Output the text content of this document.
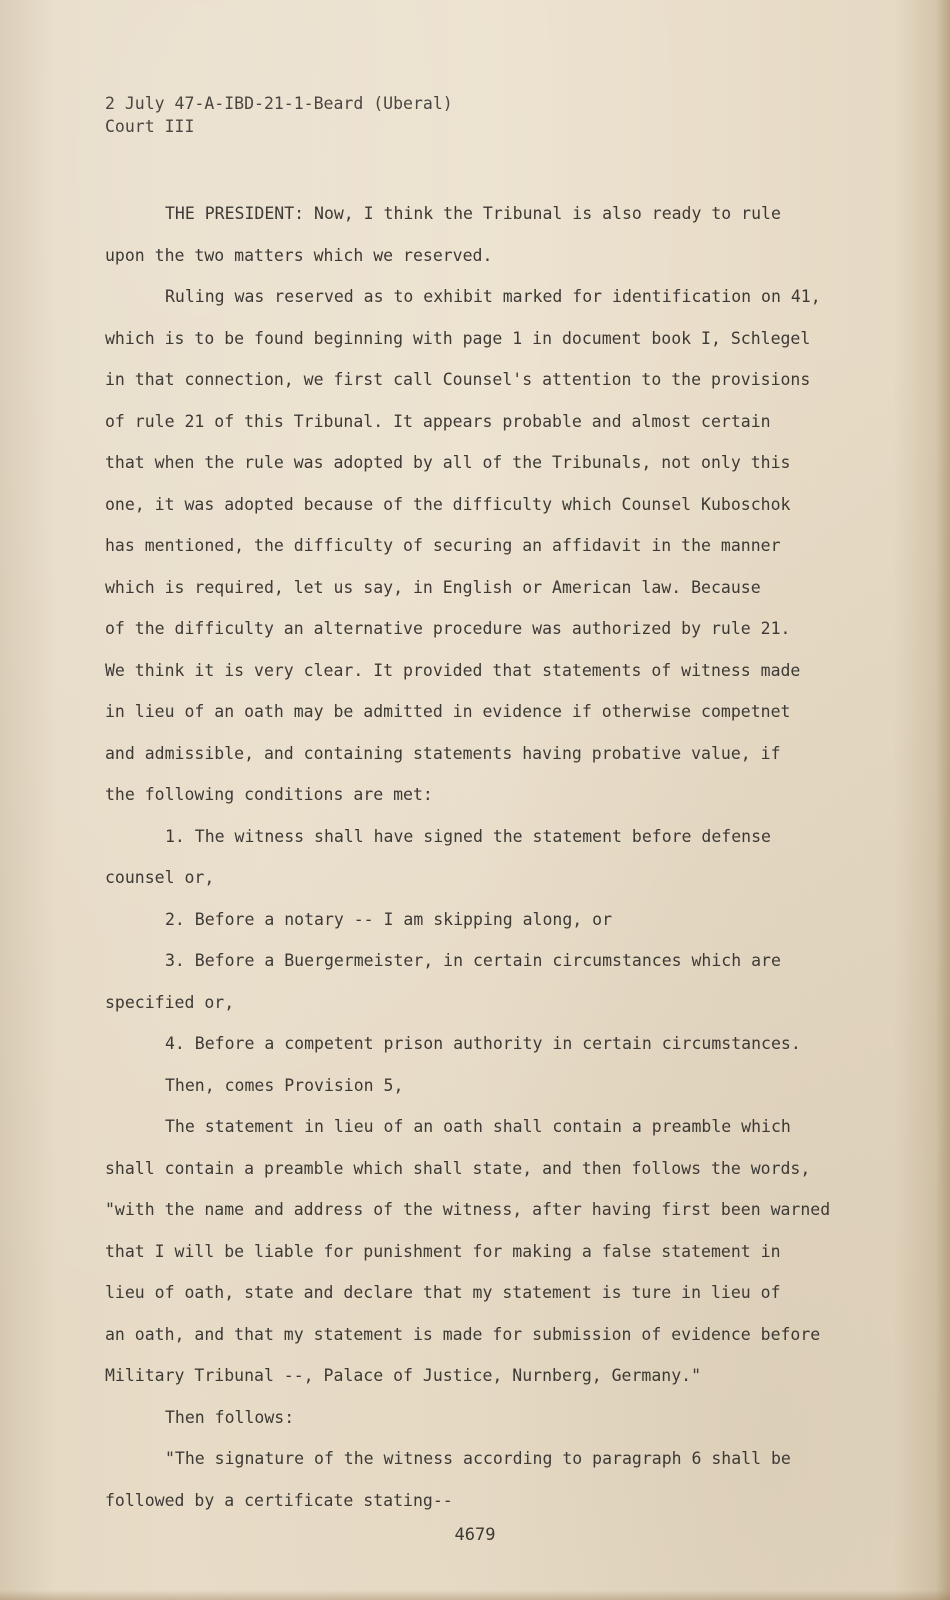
2 July 47-A-IBD-21-1-Beard (Uberal)
Court III

THE PRESIDENT: Now, I think the Tribunal is also ready to rule

upon the two matters which we reserved.

Ruling was reserved as to exhibit marked for identification on 41,

which is to be found beginning with page 1 in document book I, Schlegel

in that connection, we first call Counsel's attention to the provisions

of rule 21 of this Tribunal. It appears probable and almost certain

that when the rule was adopted by all of the Tribunals, not only this

one, it was adopted because of the difficulty which Counsel Kuboschok

has mentioned, the difficulty of securing an affidavit in the manner

which is required, let us say, in English or American law. Because

of the difficulty an alternative procedure was authorized by rule 21.

We think it is very clear. It provided that statements of witness made

in lieu of an oath may be admitted in evidence if otherwise competnet

and admissible, and containing statements having probative value, if

the following conditions are met:

1. The witness shall have signed the statement before defense

counsel or,

2. Before a notary -- I am skipping along, or

3. Before a Buergermeister, in certain circumstances which are

specified or,

4. Before a competent prison authority in certain circumstances.

Then, comes Provision 5,

The statement in lieu of an oath shall contain a preamble which

shall contain a preamble which shall state, and then follows the words,

"with the name and address of the witness, after having first been warned

that I will be liable for punishment for making a false statement in

lieu of oath, state and declare that my statement is ture in lieu of

an oath, and that my statement is made for submission of evidence before

Military Tribunal --, Palace of Justice, Nurnberg, Germany."

Then follows:

"The signature of the witness according to paragraph 6 shall be

followed by a certificate stating--

4679
